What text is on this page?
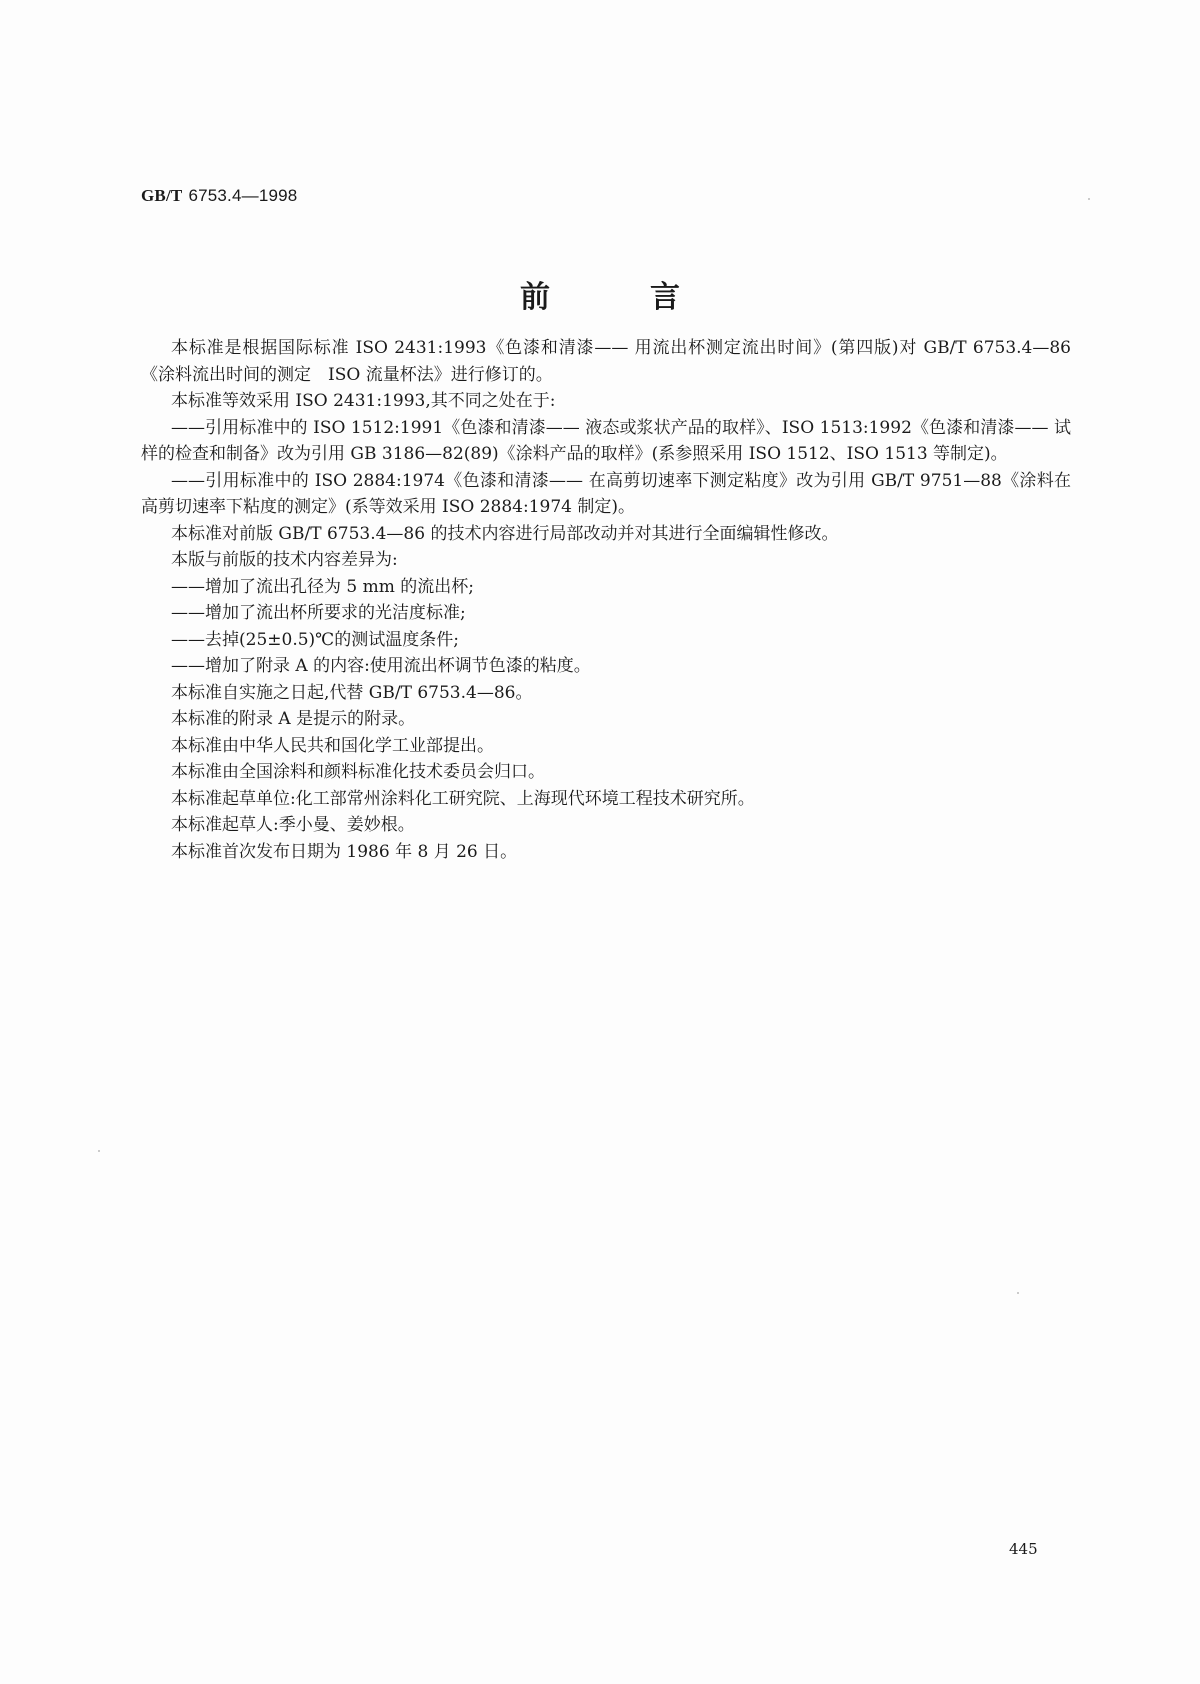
GB/T 6753.4—1998
前言

本标准是根据国际标准 ISO 2431:1993《色漆和清漆—— 用流出杯测定流出时间》(第四版)对 GB/T 6753.4—86《涂料流出时间的测定　ISO 流量杯法》进行修订的。

本标准等效采用 ISO 2431:1993,其不同之处在于:

——引用标准中的 ISO 1512:1991《色漆和清漆—— 液态或浆状产品的取样》、ISO 1513:1992《色漆和清漆—— 试样的检查和制备》改为引用 GB 3186—82(89)《涂料产品的取样》(系参照采用 ISO 1512、ISO 1513 等制定)。

——引用标准中的 ISO 2884:1974《色漆和清漆—— 在高剪切速率下测定粘度》改为引用 GB/T 9751—88《涂料在高剪切速率下粘度的测定》(系等效采用 ISO 2884:1974 制定)。

本标准对前版 GB/T 6753.4—86 的技术内容进行局部改动并对其进行全面编辑性修改。

本版与前版的技术内容差异为:

——增加了流出孔径为 5 mm 的流出杯;

——增加了流出杯所要求的光洁度标准;

——去掉(25±0.5)℃的测试温度条件;

——增加了附录 A 的内容:使用流出杯调节色漆的粘度。

本标准自实施之日起,代替 GB/T 6753.4—86。

本标准的附录 A 是提示的附录。

本标准由中华人民共和国化学工业部提出。

本标准由全国涂料和颜料标准化技术委员会归口。

本标准起草单位:化工部常州涂料化工研究院、上海现代环境工程技术研究所。

本标准起草人:季小曼、姜妙根。

本标准首次发布日期为 1986 年 8 月 26 日。

445
